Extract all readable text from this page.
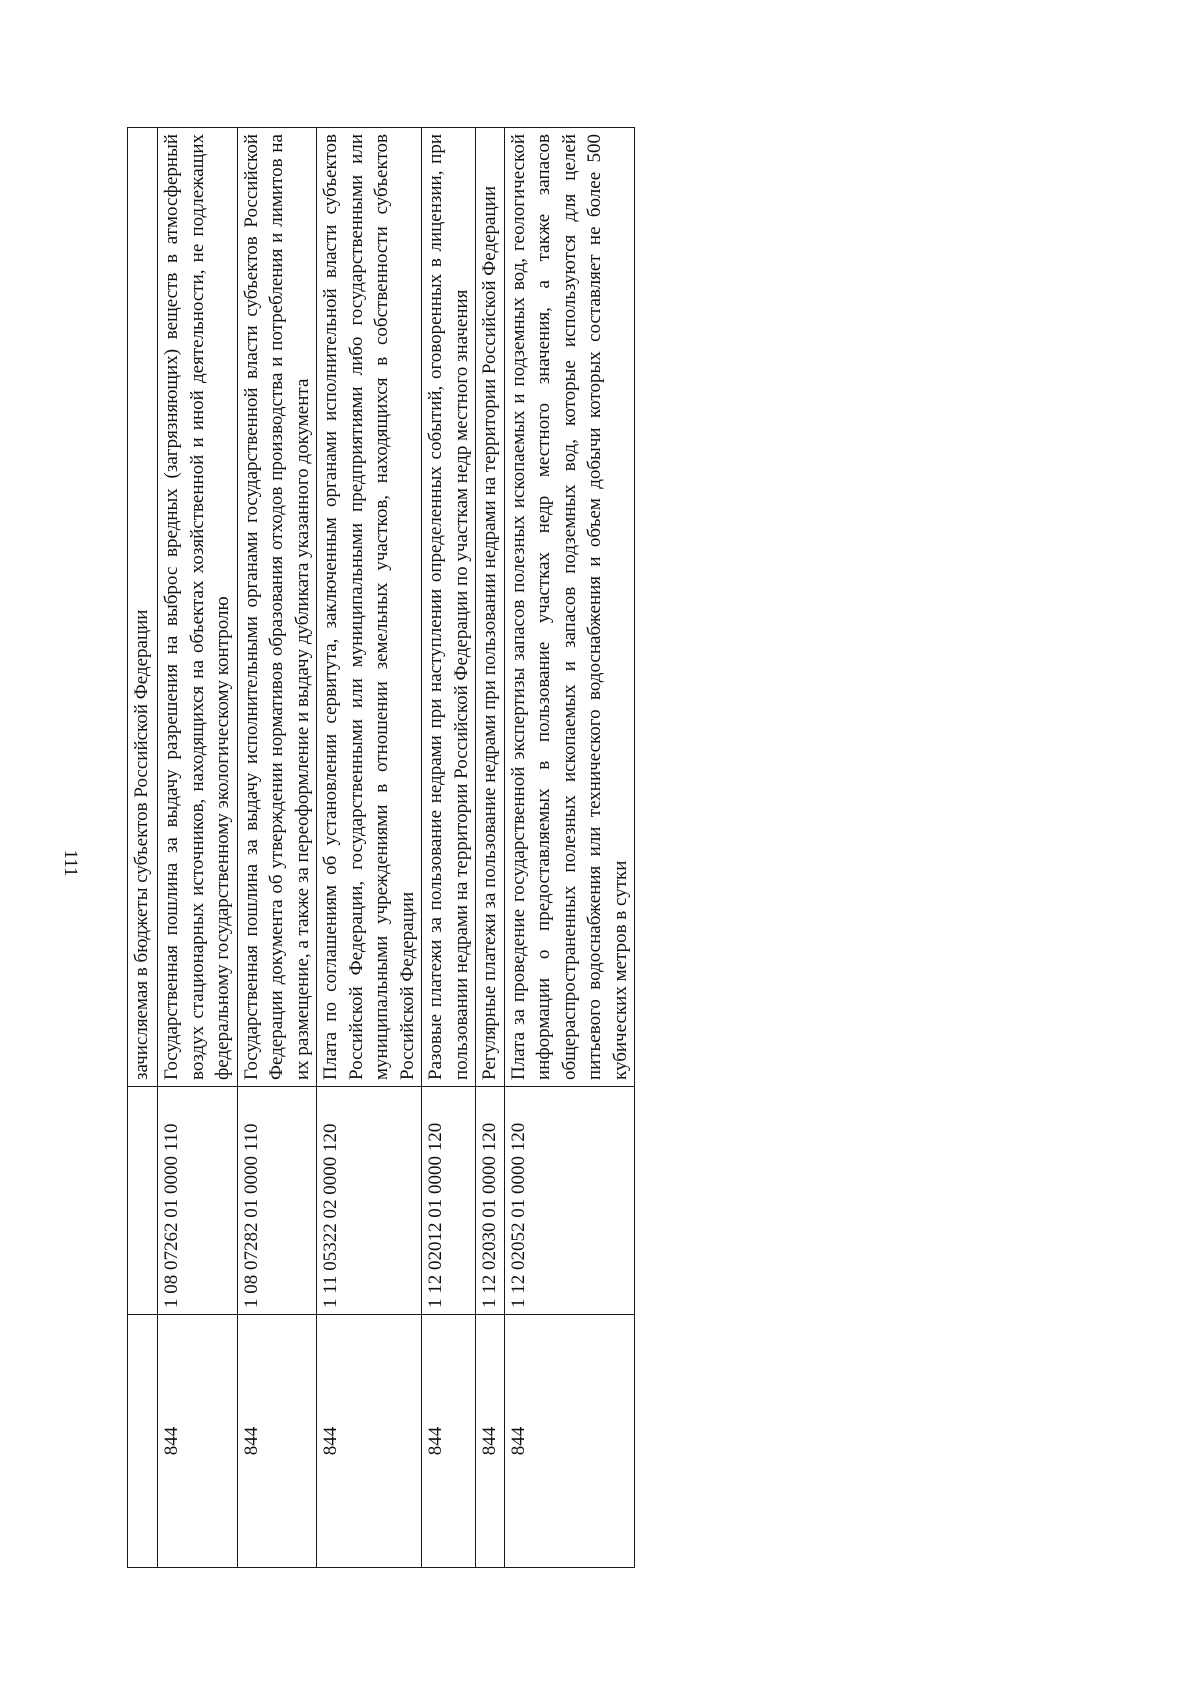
111
			зачисляемая в бюджеты субъектов Российской Федерации
844	1 08 07262 01 0000 110	Государственная пошлина за выдачу разрешения на выброс вредных (загрязняющих) веществ в атмосферный воздух стационарных источников, находящихся на объектах хозяйственной и иной деятельности, не подлежащих федеральному государственному экологическому контролю
844	1 08 07282 01 0000 110	Государственная пошлина за выдачу исполнительными органами государственной власти субъектов Российской Федерации документа об утверждении нормативов образования отходов производства и потребления и лимитов на их размещение, а также за переоформление и выдачу дубликата указанного документа
844	1 11 05322 02 0000 120	Плата по соглашениям об установлении сервитута, заключенным органами исполнительной власти субъектов Российской Федерации, государственными или муниципальными предприятиями либо государственными или муниципальными учреждениями в отношении земельных участков, находящихся в собственности субъектов Российской Федерации
844	1 12 02012 01 0000 120	Разовые платежи за пользование недрами при наступлении определенных событий, оговоренных в лицензии, при пользовании недрами на территории Российской Федерации по участкам недр местного значения
844	1 12 02030 01 0000 120	Регулярные платежи за пользование недрами при пользовании недрами на территории Российской Федерации
844	1 12 02052 01 0000 120	Плата за проведение государственной экспертизы запасов полезных ископаемых и подземных вод, геологической информации о предоставляемых в пользование участках недр местного значения, а также запасов общераспространенных полезных ископаемых и запасов подземных вод, которые используются для целей питьевого водоснабжения или технического водоснабжения и объем добычи которых составляет не более 500 кубических метров в сутки
